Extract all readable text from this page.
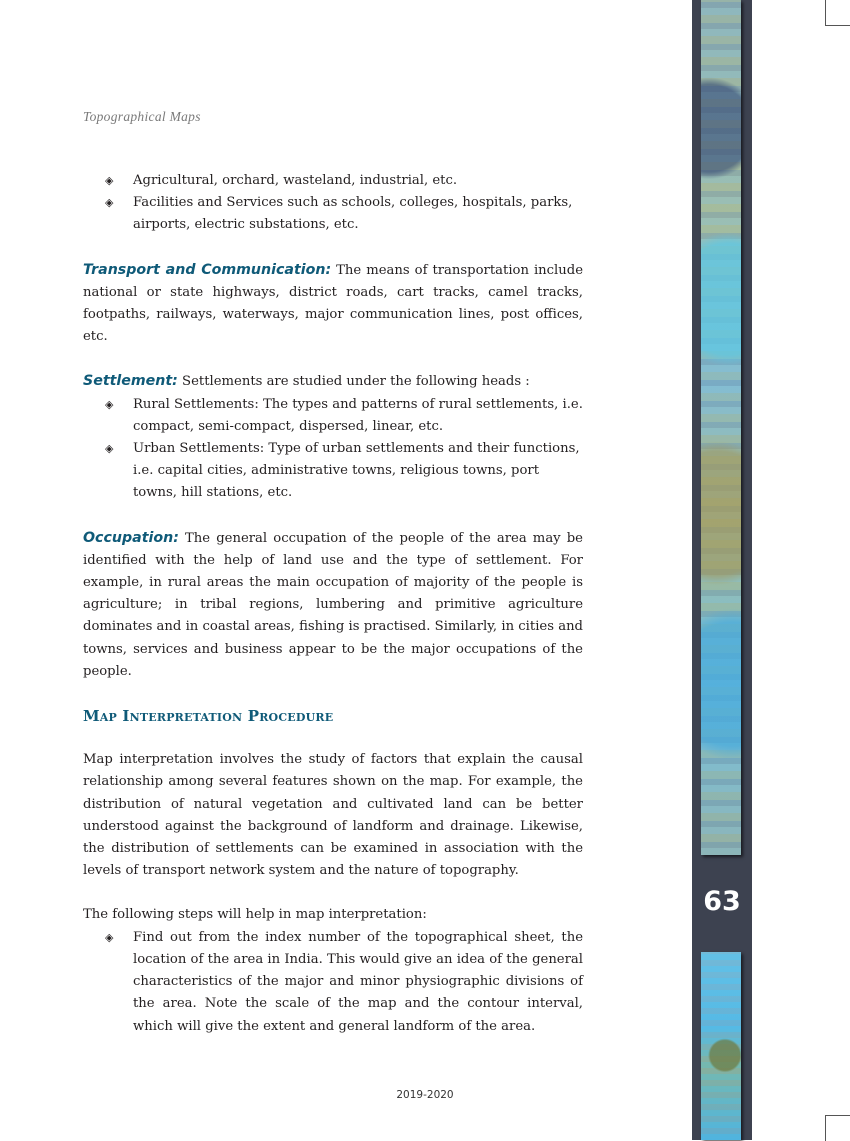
Topographical Maps
◈ Agricultural, orchard, wasteland, industrial, etc.
◈ Facilities and Services such as schools, colleges, hospitals, parks, airports, electric substations, etc.

Transport and Communication: The means of transportation include national or state highways, district roads, cart tracks, camel tracks, footpaths, railways, waterways, major communication lines, post offices, etc.

Settlement: Settlements are studied under the following heads :

◈ Rural Settlements: The types and patterns of rural settlements, i.e. compact, semi-compact, dispersed, linear, etc.
◈ Urban Settlements: Type of urban settlements and their functions, i.e. capital cities, administrative towns, religious towns, port towns, hill stations, etc.

Occupation: The general occupation of the people of the area may be identified with the help of land use and the type of settlement. For example, in rural areas the main occupation of majority of the people is agriculture; in tribal regions, lumbering and primitive agriculture dominates and in coastal areas, fishing is practised. Similarly, in cities and towns, services and business appear to be the major occupations of the people.

Map Interpretation Procedure

Map interpretation involves the study of factors that explain the causal relationship among several features shown on the map. For example, the distribution of natural vegetation and cultivated land can be better understood against the background of landform and drainage. Likewise, the distribution of settlements can be examined in association with the levels of transport network system and the nature of topography.

The following steps will help in map interpretation:

◈ Find out from the index number of the topographical sheet, the location of the area in India. This would give an idea of the general characteristics of the major and minor physiographic divisions of the area. Note the scale of the map and the contour interval, which will give the extent and general landform of the area.
2019-2020
63
